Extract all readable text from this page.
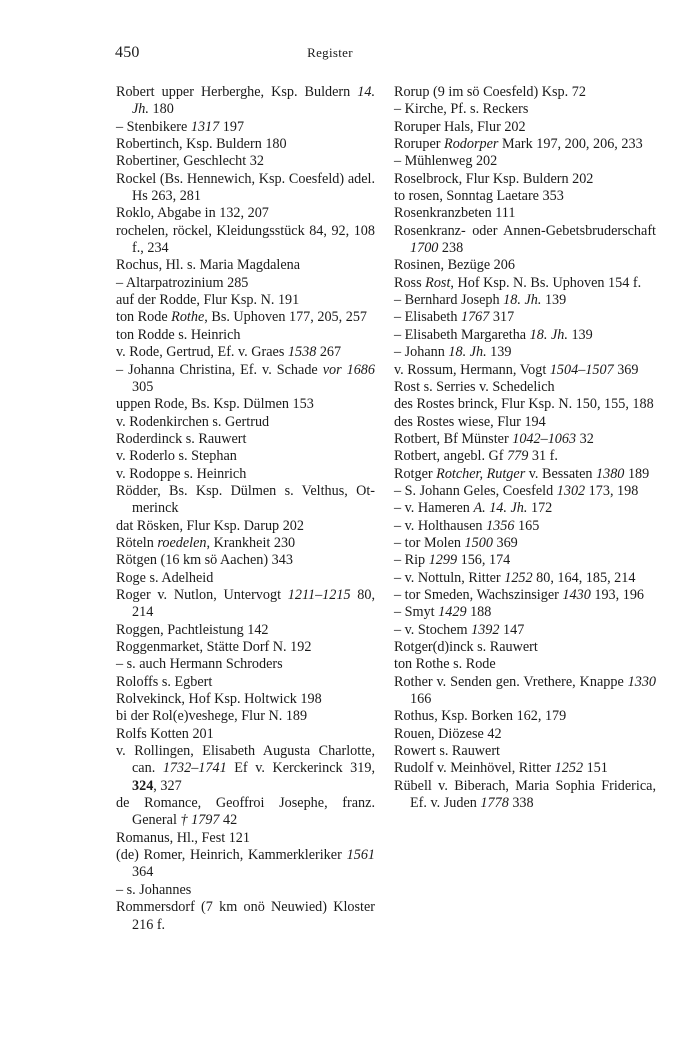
450	Register
Robert upper Herberghe, Ksp. Buldern 14. Jh. 180
– Stenbikere 1317 197
Robertinch, Ksp. Buldern 180
Robertiner, Geschlecht 32
Rockel (Bs. Hennewich, Ksp. Coesfeld) adel. Hs 263, 281
Roklo, Abgabe in 132, 207
rochelen, röckel, Kleidungsstück 84, 92, 108 f., 234
Rochus, Hl. s. Maria Magdalena
– Altarpatrozinium 285
auf der Rodde, Flur Ksp. N. 191
ton Rode Rothe, Bs. Uphoven 177, 205, 257
ton Rodde s. Heinrich
v. Rode, Gertrud, Ef. v. Graes 1538 267
– Johanna Christina, Ef. v. Schade vor 1686 305
uppen Rode, Bs. Ksp. Dülmen 153
v. Rodenkirchen s. Gertrud
Roderdinck s. Rauwert
v. Roderlo s. Stephan
v. Rodoppe s. Heinrich
Rödder, Bs. Ksp. Dülmen s. Velthus, Otmerinck
dat Rösken, Flur Ksp. Darup 202
Röteln roedelen, Krankheit 230
Rötgen (16 km sö Aachen) 343
Roge s. Adelheid
Roger v. Nutlon, Untervogt 1211–1215 80, 214
Roggen, Pachtleistung 142
Roggenmarket, Stätte Dorf N. 192
– s. auch Hermann Schroders
Roloffs s. Egbert
Rolvekinck, Hof Ksp. Holtwick 198
bi der Rol(e)veshege, Flur N. 189
Rolfs Kotten 201
v. Rollingen, Elisabeth Augusta Charlotte, can. 1732–1741 Ef v. Kerckerinck 319, 324, 327
de Romance, Geoffroi Josephe, franz. General † 1797 42
Romanus, Hl., Fest 121
(de) Romer, Heinrich, Kammerkleriker 1561 364
– s. Johannes
Rommersdorf (7 km onö Neuwied) Kloster 216 f.
Rorup (9 im sö Coesfeld) Ksp. 72
– Kirche, Pf. s. Reckers
Roruper Hals, Flur 202
Roruper Rodorper Mark 197, 200, 206, 233
– Mühlenweg 202
Roselbrock, Flur Ksp. Buldern 202
to rosen, Sonntag Laetare 353
Rosenkranzbeten 111
Rosenkranz- oder Annen-Gebetsbruderschaft 1700 238
Rosinen, Bezüge 206
Ross Rost, Hof Ksp. N. Bs. Uphoven 154 f.
– Bernhard Joseph 18. Jh. 139
– Elisabeth 1767 317
– Elisabeth Margaretha 18. Jh. 139
– Johann 18. Jh. 139
v. Rossum, Hermann, Vogt 1504–1507 369
Rost s. Serries v. Schedelich
des Rostes brinck, Flur Ksp. N. 150, 155, 188
des Rostes wiese, Flur 194
Rotbert, Bf Münster 1042–1063 32
Rotbert, angebl. Gf 779 31 f.
Rotger Rotcher, Rutger v. Bessaten 1380 189
– S. Johann Geles, Coesfeld 1302 173, 198
– v. Hameren A. 14. Jh. 172
– v. Holthausen 1356 165
– tor Molen 1500 369
– Rip 1299 156, 174
– v. Nottuln, Ritter 1252 80, 164, 185, 214
– tor Smeden, Wachszinsiger 1430 193, 196
– Smyt 1429 188
– v. Stochem 1392 147
Rotger(d)inck s. Rauwert
ton Rothe s. Rode
Rother v. Senden gen. Vrethere, Knappe 1330 166
Rothus, Ksp. Borken 162, 179
Rouen, Diözese 42
Rowert s. Rauwert
Rudolf v. Meinhövel, Ritter 1252 151
Rübell v. Biberach, Maria Sophia Friderica, Ef. v. Juden 1778 338
